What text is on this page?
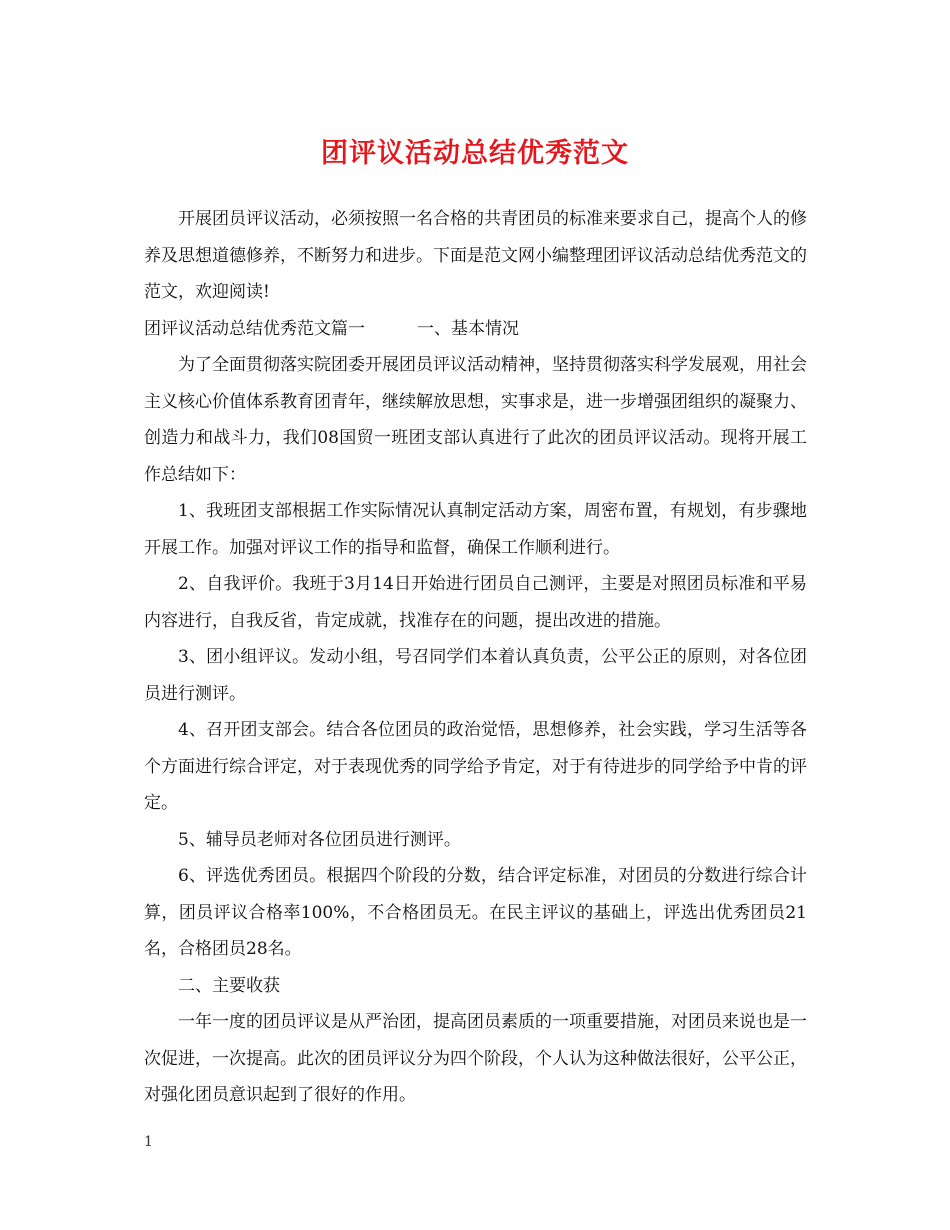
团评议活动总结优秀范文

开展团员评议活动，必须按照一名合格的共青团员的标准来要求自己，提高个人的修养及思想道德修养，不断努力和进步。下面是范文网小编整理团评议活动总结优秀范文的范文，欢迎阅读!

团评议活动总结优秀范文篇一	一、基本情况

为了全面贯彻落实院团委开展团员评议活动精神，坚持贯彻落实科学发展观，用社会主义核心价值体系教育团青年，继续解放思想，实事求是，进一步增强团组织的凝聚力、创造力和战斗力，我们08国贸一班团支部认真进行了此次的团员评议活动。现将开展工作总结如下：

1、我班团支部根据工作实际情况认真制定活动方案，周密布置，有规划，有步骤地开展工作。加强对评议工作的指导和监督，确保工作顺利进行。

2、自我评价。我班于3月14日开始进行团员自己测评，主要是对照团员标准和平易内容进行，自我反省，肯定成就，找准存在的问题，提出改进的措施。

3、团小组评议。发动小组，号召同学们本着认真负责，公平公正的原则，对各位团员进行测评。

4、召开团支部会。结合各位团员的政治觉悟，思想修养，社会实践，学习生活等各个方面进行综合评定，对于表现优秀的同学给予肯定，对于有待进步的同学给予中肯的评定。

5、辅导员老师对各位团员进行测评。

6、评选优秀团员。根据四个阶段的分数，结合评定标准，对团员的分数进行综合计算，团员评议合格率100%，不合格团员无。在民主评议的基础上，评选出优秀团员21名，合格团员28名。

二、主要收获

一年一度的团员评议是从严治团，提高团员素质的一项重要措施，对团员来说也是一次促进，一次提高。此次的团员评议分为四个阶段，个人认为这种做法很好，公平公正，对强化团员意识起到了很好的作用。

1
